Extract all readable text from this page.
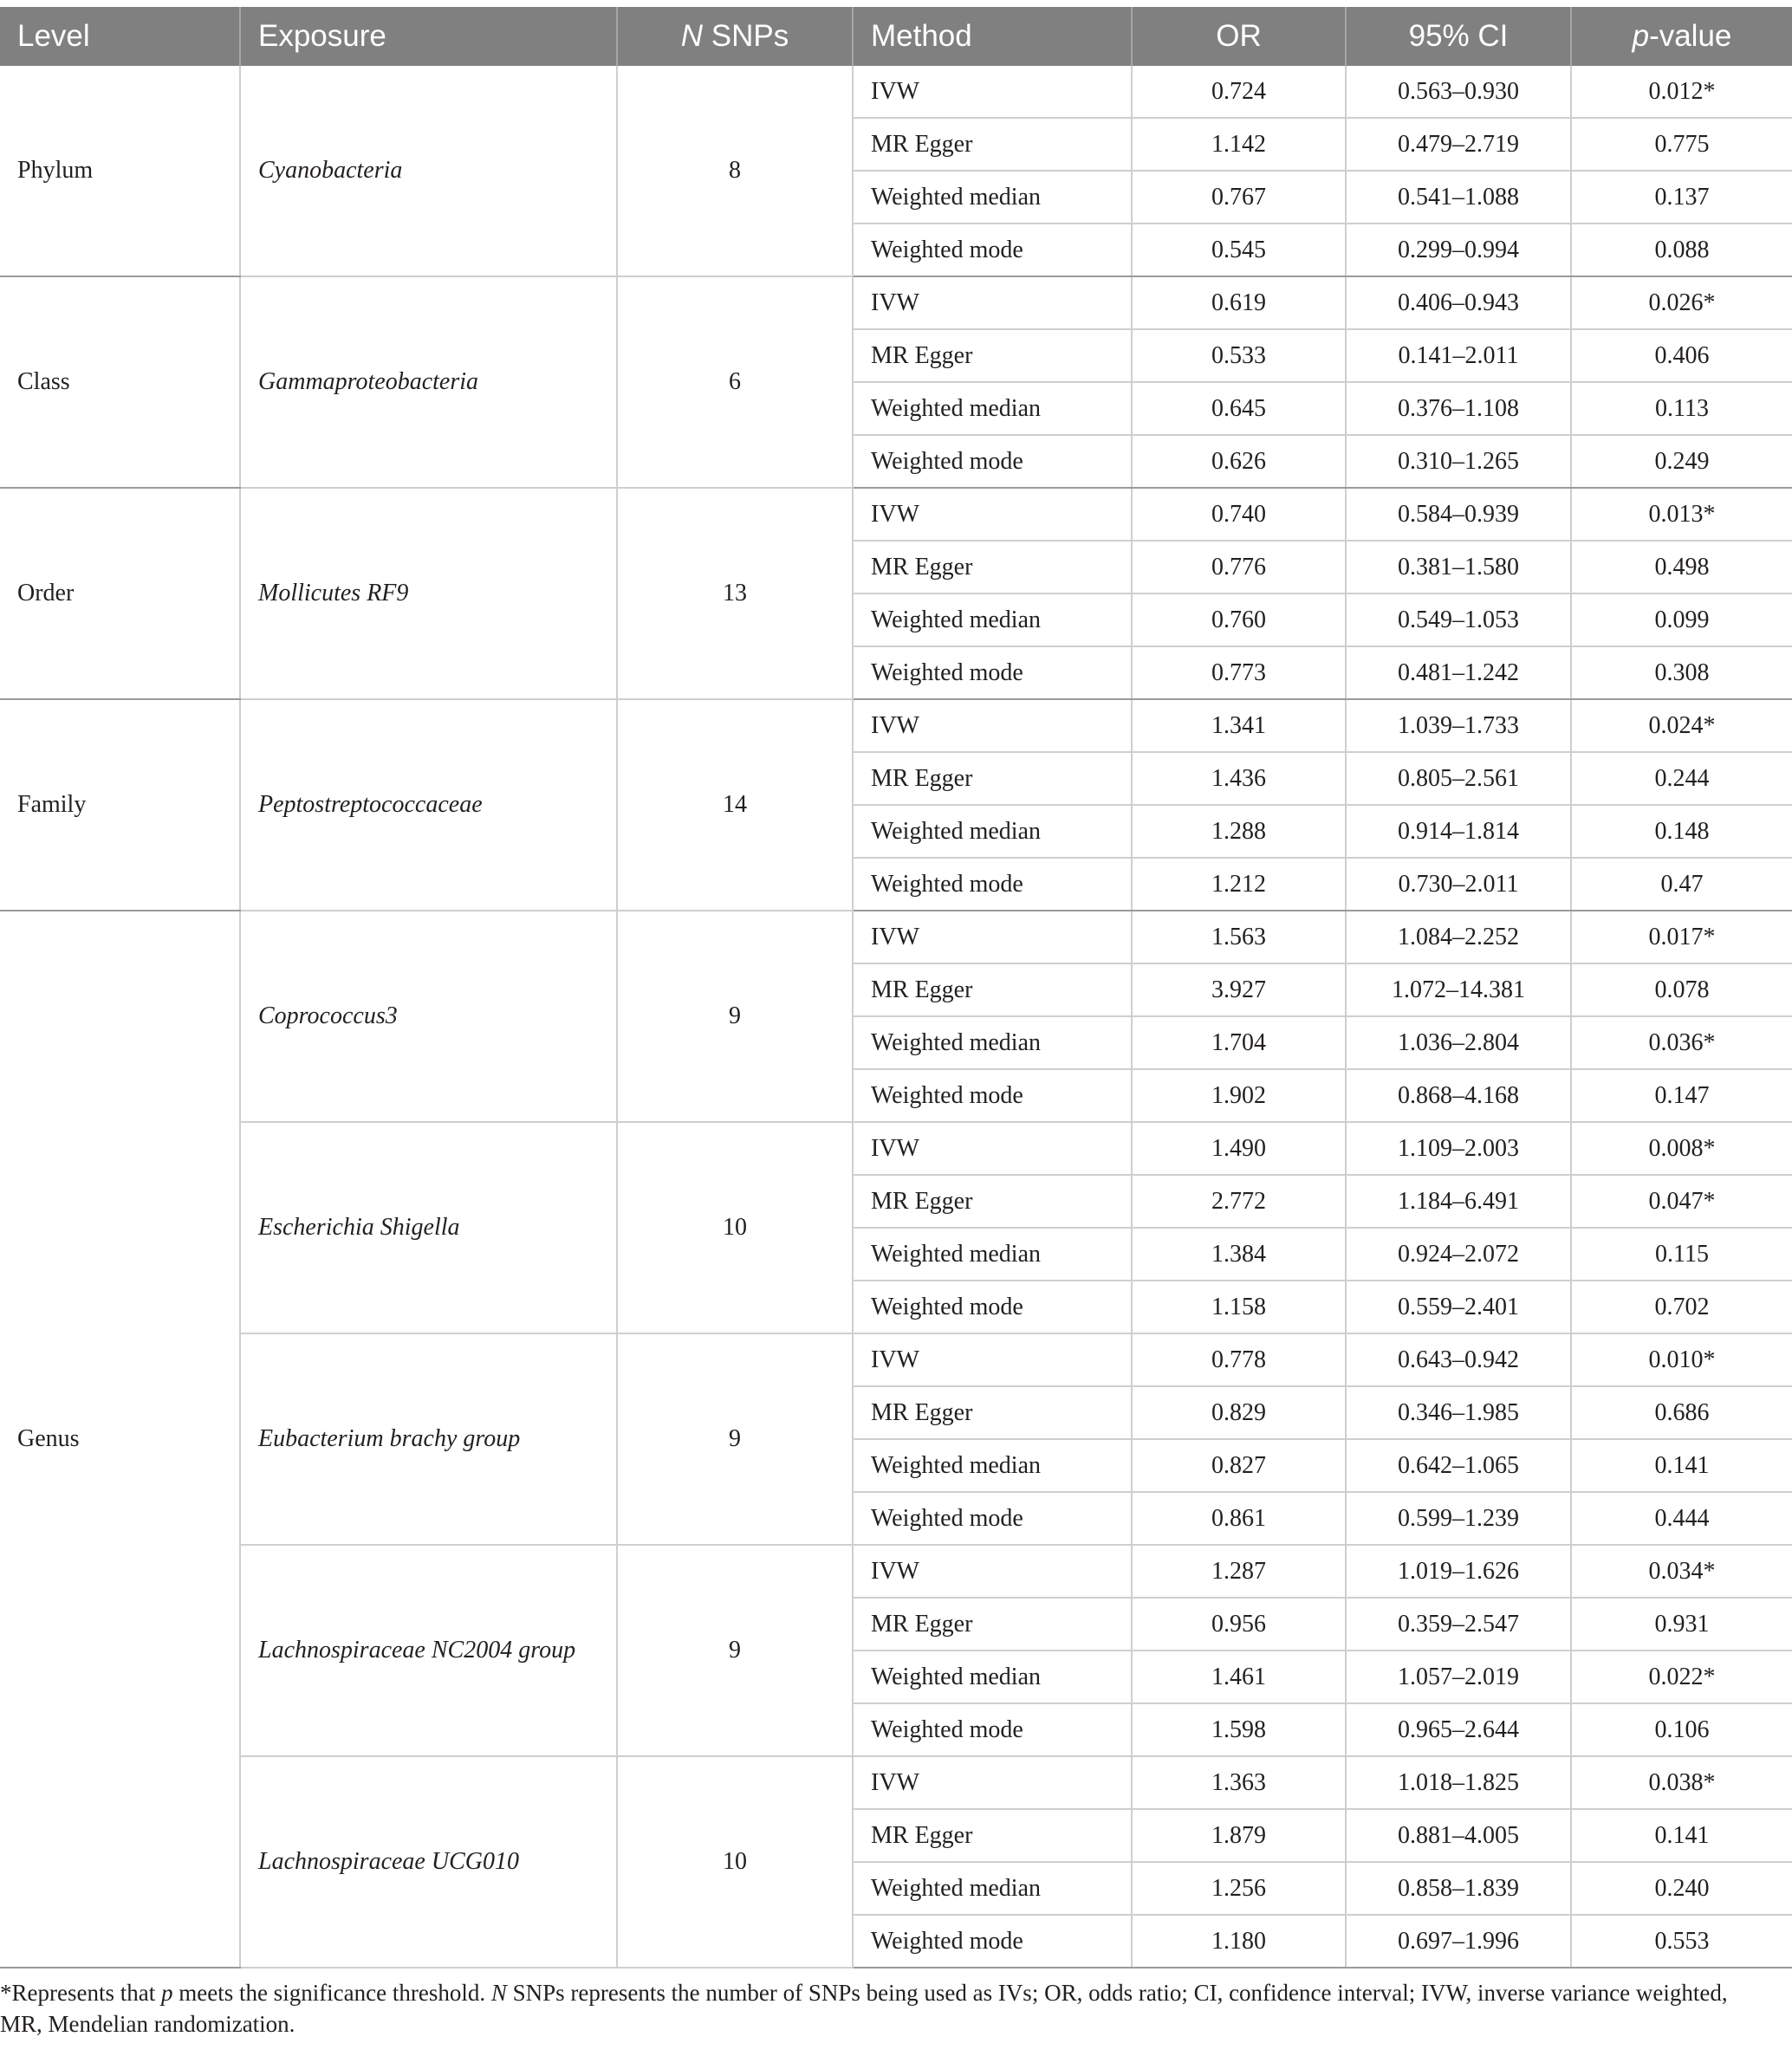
Level	Exposure	N SNPs	Method	OR	95% CI	p-value
Phylum	Cyanobacteria	8	IVW	0.724	0.563–0.930	0.012*
			MR Egger	1.142	0.479–2.719	0.775
			Weighted median	0.767	0.541–1.088	0.137
			Weighted mode	0.545	0.299–0.994	0.088
Class	Gammaproteobacteria	6	IVW	0.619	0.406–0.943	0.026*
			MR Egger	0.533	0.141–2.011	0.406
			Weighted median	0.645	0.376–1.108	0.113
			Weighted mode	0.626	0.310–1.265	0.249
Order	Mollicutes RF9	13	IVW	0.740	0.584–0.939	0.013*
			MR Egger	0.776	0.381–1.580	0.498
			Weighted median	0.760	0.549–1.053	0.099
			Weighted mode	0.773	0.481–1.242	0.308
Family	Peptostreptococcaceae	14	IVW	1.341	1.039–1.733	0.024*
			MR Egger	1.436	0.805–2.561	0.244
			Weighted median	1.288	0.914–1.814	0.148
			Weighted mode	1.212	0.730–2.011	0.47
Genus	Coprococcus3	9	IVW	1.563	1.084–2.252	0.017*
			MR Egger	3.927	1.072–14.381	0.078
			Weighted median	1.704	1.036–2.804	0.036*
			Weighted mode	1.902	0.868–4.168	0.147
	Escherichia Shigella	10	IVW	1.490	1.109–2.003	0.008*
			MR Egger	2.772	1.184–6.491	0.047*
			Weighted median	1.384	0.924–2.072	0.115
			Weighted mode	1.158	0.559–2.401	0.702
	Eubacterium brachy group	9	IVW	0.778	0.643–0.942	0.010*
			MR Egger	0.829	0.346–1.985	0.686
			Weighted median	0.827	0.642–1.065	0.141
			Weighted mode	0.861	0.599–1.239	0.444
	Lachnospiraceae NC2004 group	9	IVW	1.287	1.019–1.626	0.034*
			MR Egger	0.956	0.359–2.547	0.931
			Weighted median	1.461	1.057–2.019	0.022*
			Weighted mode	1.598	0.965–2.644	0.106
	Lachnospiraceae UCG010	10	IVW	1.363	1.018–1.825	0.038*
			MR Egger	1.879	0.881–4.005	0.141
			Weighted median	1.256	0.858–1.839	0.240
			Weighted mode	1.180	0.697–1.996	0.553
*Represents that p meets the significance threshold. N SNPs represents the number of SNPs being used as IVs; OR, odds ratio; CI, confidence interval; IVW, inverse variance weighted, MR, Mendelian randomization.
